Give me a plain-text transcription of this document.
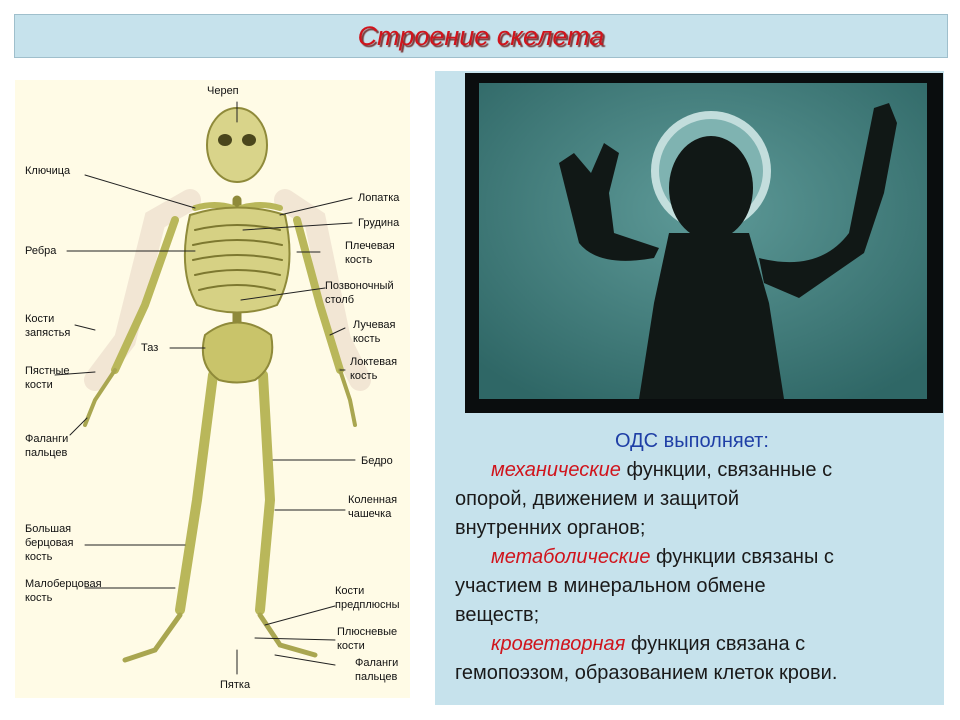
Строение скелета
Череп
Ключица
Лопатка
Грудина
Ребра	Плечевая
кость
Позвоночный
столб
Кости
запястья
Таз
Лучевая
кость
Пястные
кости
Локтевая
кость
Фаланги
пальцев
Бедро
Коленная
чашечка
Большая
берцовая
кость
Малоберцовая
кость
Кости
предплюсны
Плюсневые
кости
Фаланги
пальцев
Пятка
ОДС выполняет:
механические функции, связанные с
опорой, движением и защитой
внутренних органов;
метаболические функции связаны с
участием в минеральном обмене
веществ;
кроветворная функция связана с
гемопоэзом, образованием клеток крови.
